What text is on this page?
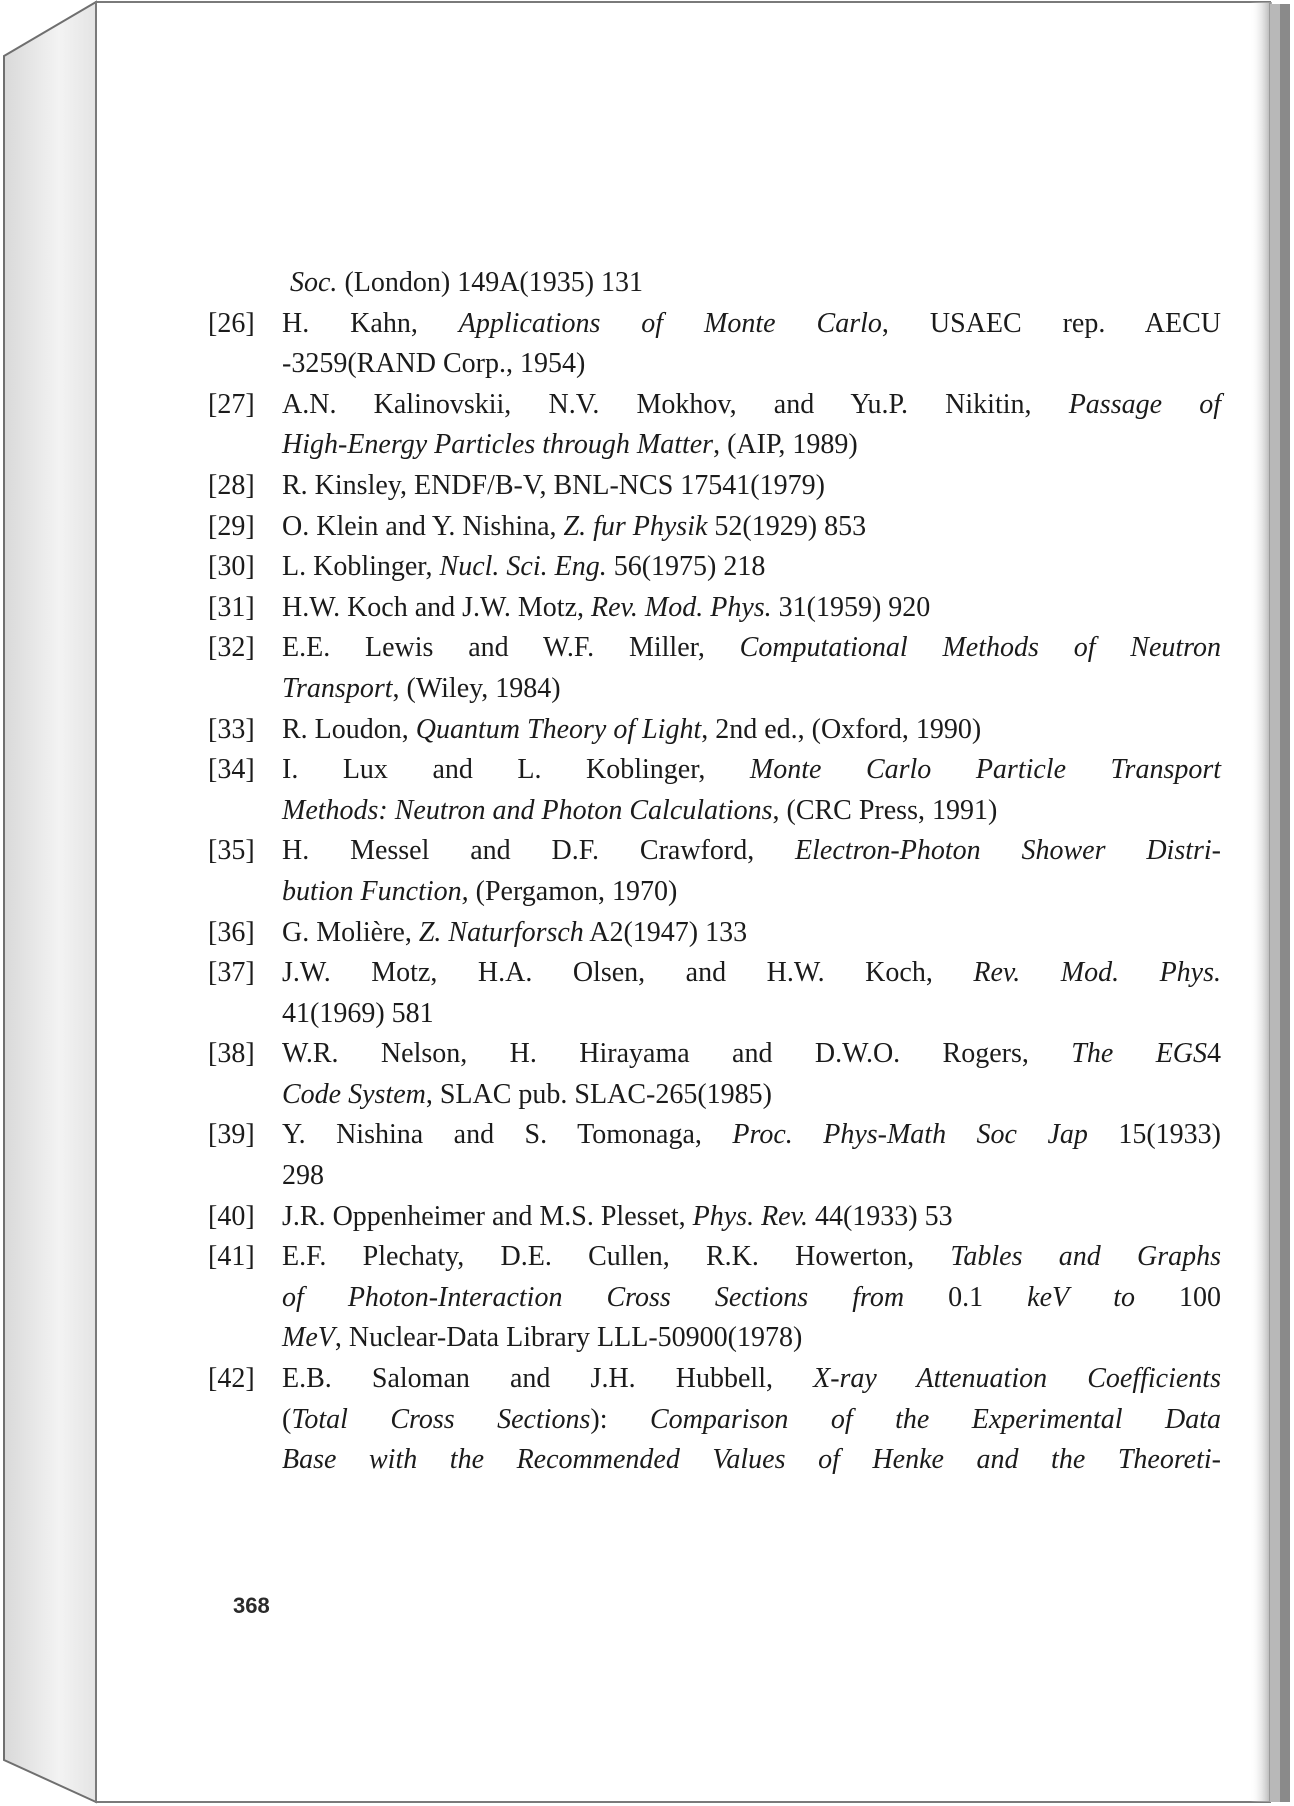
Soc. (London) 149A(1935) 131
[26] H. Kahn, Applications of Monte Carlo, USAEC rep. AECU
-3259(RAND Corp., 1954)
[27] A.N. Kalinovskii, N.V. Mokhov, and Yu.P. Nikitin, Passage of
High-Energy Particles through Matter, (AIP, 1989)
[28] R. Kinsley, ENDF/B-V, BNL-NCS 17541(1979)
[29] O. Klein and Y. Nishina, Z. fur Physik 52(1929) 853
[30] L. Koblinger, Nucl. Sci. Eng. 56(1975) 218
[31] H.W. Koch and J.W. Motz, Rev. Mod. Phys. 31(1959) 920
[32] E.E. Lewis and W.F. Miller, Computational Methods of Neutron
Transport, (Wiley, 1984)
[33] R. Loudon, Quantum Theory of Light, 2nd ed., (Oxford, 1990)
[34] I. Lux and L. Koblinger, Monte Carlo Particle Transport
Methods: Neutron and Photon Calculations, (CRC Press, 1991)
[35] H. Messel and D.F. Crawford, Electron-Photon Shower Distri-
bution Function, (Pergamon, 1970)
[36] G. Molière, Z. Naturforsch A2(1947) 133
[37] J.W. Motz, H.A. Olsen, and H.W. Koch, Rev. Mod. Phys.
41(1969) 581
[38] W.R. Nelson, H. Hirayama and D.W.O. Rogers, The EGS4
Code System, SLAC pub. SLAC-265(1985)
[39] Y. Nishina and S. Tomonaga, Proc. Phys-Math Soc Jap 15(1933)
298
[40] J.R. Oppenheimer and M.S. Plesset, Phys. Rev. 44(1933) 53
[41] E.F. Plechaty, D.E. Cullen, R.K. Howerton, Tables and Graphs
of Photon-Interaction Cross Sections from 0.1 keV to 100
MeV, Nuclear-Data Library LLL-50900(1978)
[42] E.B. Saloman and J.H. Hubbell, X-ray Attenuation Coefficients
(Total Cross Sections): Comparison of the Experimental Data
Base with the Recommended Values of Henke and the Theoreti-
368
